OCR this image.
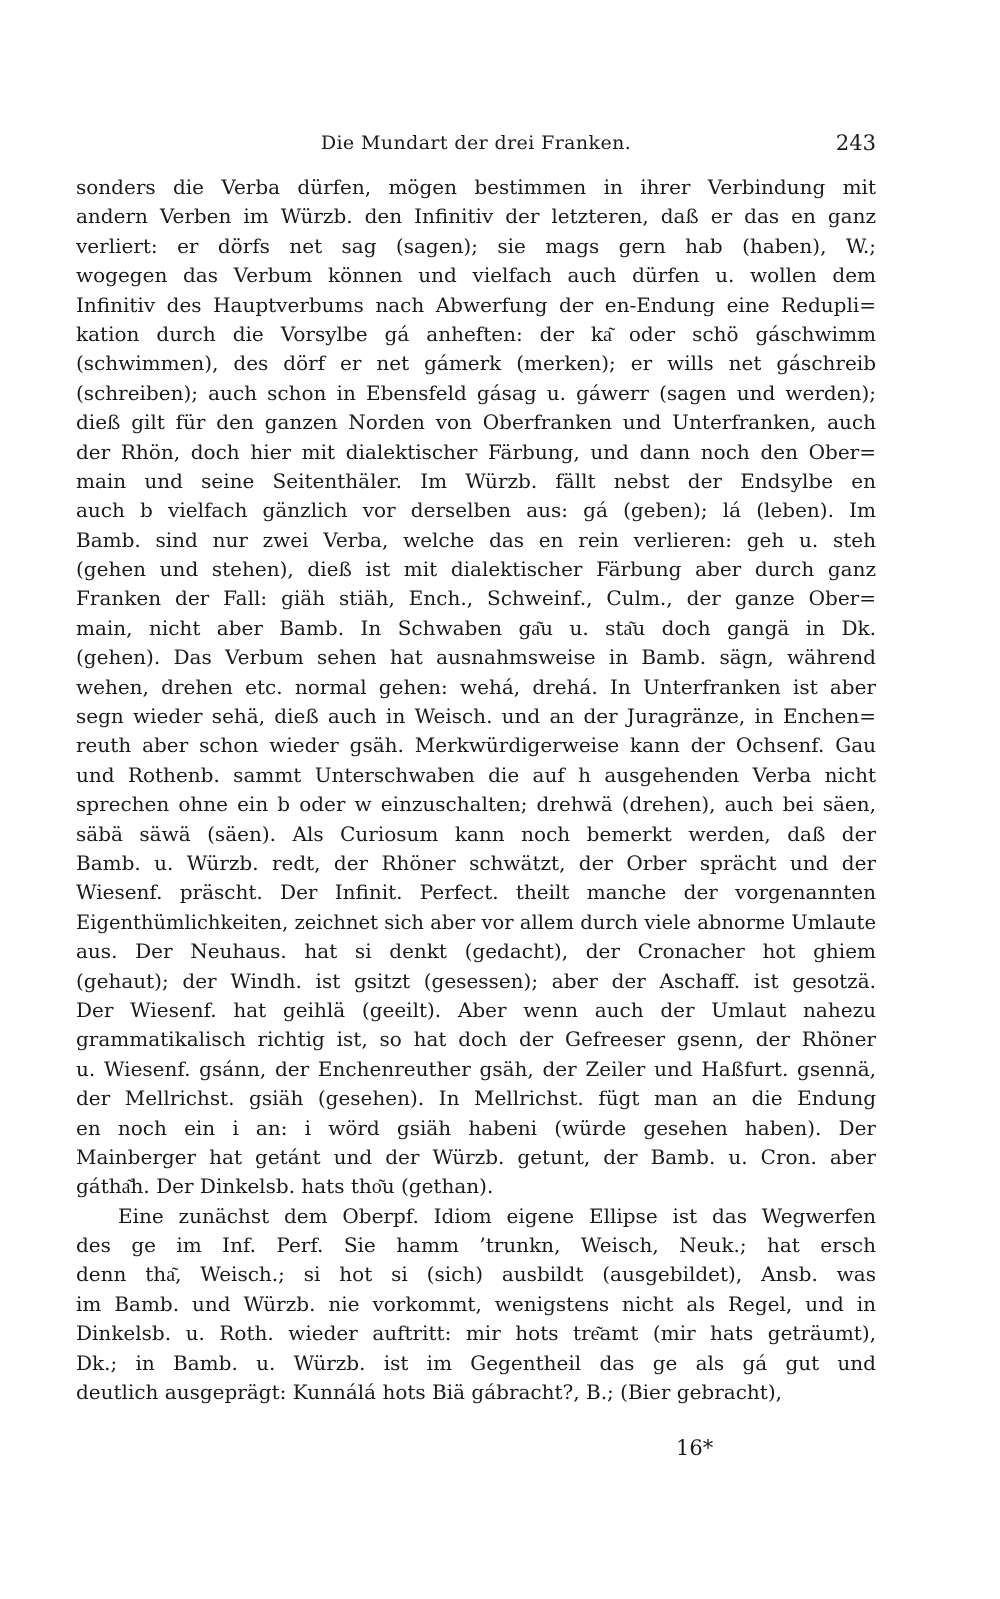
Die Mundart der drei Franken.	243
sonders die Verba dürfen, mögen bestimmen in ihrer Verbindung mit
andern Verben im Würzb. den Infinitiv der letzteren, daß er das en ganz
verliert: er dörfs net sag (sagen); sie mags gern hab (haben), W.;
wogegen das Verbum können und vielfach auch dürfen u. wollen dem
Infinitiv des Hauptverbums nach Abwerfung der en-Endung eine Redupli=
kation durch die Vorsylbe gá anheften: der ka͂ oder schö gáschwimm
(schwimmen), des dörf er net gámerk (merken); er wills net gáschreib
(schreiben); auch schon in Ebensfeld gásag u. gáwerr (sagen und werden);
dieß gilt für den ganzen Norden von Oberfranken und Unterfranken, auch
der Rhön, doch hier mit dialektischer Färbung, und dann noch den Ober=
main und seine Seitenthäler. Im Würzb. fällt nebst der Endsylbe en
auch b vielfach gänzlich vor derselben aus: gá (geben); lá (leben). Im
Bamb. sind nur zwei Verba, welche das en rein verlieren: geh u. steh
(gehen und stehen), dieß ist mit dialektischer Färbung aber durch ganz
Franken der Fall: giäh stiäh, Ench., Schweinf., Culm., der ganze Ober=
main, nicht aber Bamb. In Schwaben ga͂u u. sta͂u doch gangä in Dk.
(gehen). Das Verbum sehen hat ausnahmsweise in Bamb. sägn, während
wehen, drehen etc. normal gehen: wehá, drehá. In Unterfranken ist aber
segn wieder sehä, dieß auch in Weisch. und an der Juragränze, in Enchen=
reuth aber schon wieder gsäh. Merkwürdigerweise kann der Ochsenf. Gau
und Rothenb. sammt Unterschwaben die auf h ausgehenden Verba nicht
sprechen ohne ein b oder w einzuschalten; drehwä (drehen), auch bei säen,
säbä säwä (säen). Als Curiosum kann noch bemerkt werden, daß der
Bamb. u. Würzb. redt, der Rhöner schwätzt, der Orber sprächt und der
Wiesenf. präscht. Der Infinit. Perfect. theilt manche der vorgenannten
Eigenthümlichkeiten, zeichnet sich aber vor allem durch viele abnorme Umlaute
aus. Der Neuhaus. hat si denkt (gedacht), der Cronacher hot ghiem
(gehaut); der Windh. ist gsitzt (gesessen); aber der Aschaff. ist gesotzä.
Der Wiesenf. hat geihlä (geeilt). Aber wenn auch der Umlaut nahezu
grammatikalisch richtig ist, so hat doch der Gefreeser gsenn, der Rhöner
u. Wiesenf. gsánn, der Enchenreuther gsäh, der Zeiler und Haßfurt. gsennä,
der Mellrichst. gsiäh (gesehen). In Mellrichst. fügt man an die Endung
en noch ein i an: i wörd gsiäh habeni (würde gesehen haben). Der
Mainberger hat getánt und der Würzb. getunt, der Bamb. u. Cron. aber
gátha͂h. Der Dinkelsb. hats tho͂u (gethan).
Eine zunächst dem Oberpf. Idiom eigene Ellipse ist das Wegwerfen
des ge im Inf. Perf. Sie hamm ’trunkn, Weisch, Neuk.; hat ersch
denn tha͂, Weisch.; si hot si (sich) ausbildt (ausgebildet), Ansb. was
im Bamb. und Würzb. nie vorkommt, wenigstens nicht als Regel, und in
Dinkelsb. u. Roth. wieder auftritt: mir hots tre͂amt (mir hats geträumt),
Dk.; in Bamb. u. Würzb. ist im Gegentheil das ge als gá gut und
deutlich ausgeprägt: Kunnálá hots Biä gábracht?, B.; (Bier gebracht),
16*
